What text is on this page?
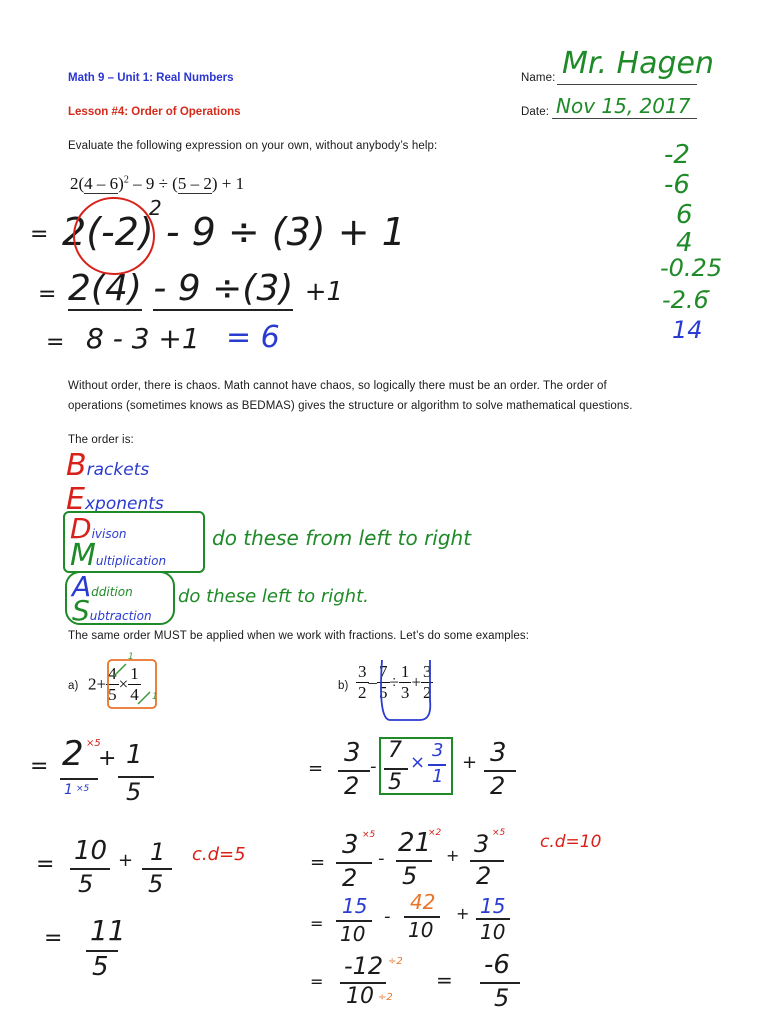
Math 9 – Unit 1: Real Numbers
Lesson #4: Order of Operations
Name: Mr. Hagen
Date: Nov 15, 2017
Evaluate the following expression on your own, without anybody’s help:
2(4 – 6)$^2$ – 9 ÷ (5 – 2) + 1
= 2(-2)
2
- 9 ÷ (3) + 1
= 2(4) - 9 ÷(3) +1
= 8 - 3 +1 = 6
-2
-6
6
4
-0.25
-2.6̄
14
Without order, there is chaos. Math cannot have chaos, so logically there must be an order. The order of
operations (sometimes knows as BEDMAS) gives the structure or algorithm to solve mathematical questions.
The order is:
Brackets
Exponents
Divison
Multiplication
Addition
Subtraction
do these from left to right
do these left to right.
The same order MUST be applied when we work with fractions. Let’s do some examples:
a) $2+ \frac{4}{5} \times \frac{1}{4}$
1
1
= 2 ×5
1 ×5
+ 1
5
= 10
5
+ 1
5
c.d=5
= 11
5
$b) \frac{3}{2} - \frac{7}{5} \div \frac{1}{3} + \frac{3}{2}$
=
3
2
-
7
5
×
3
1
+ 3
2
=
3 ×5
2
-
21
×2
5
+ 3 ×5
2
c.d=10
=
15
10
-
42
10
+ 15
10
=
-12 ÷2
10 ÷2
= -6
5
